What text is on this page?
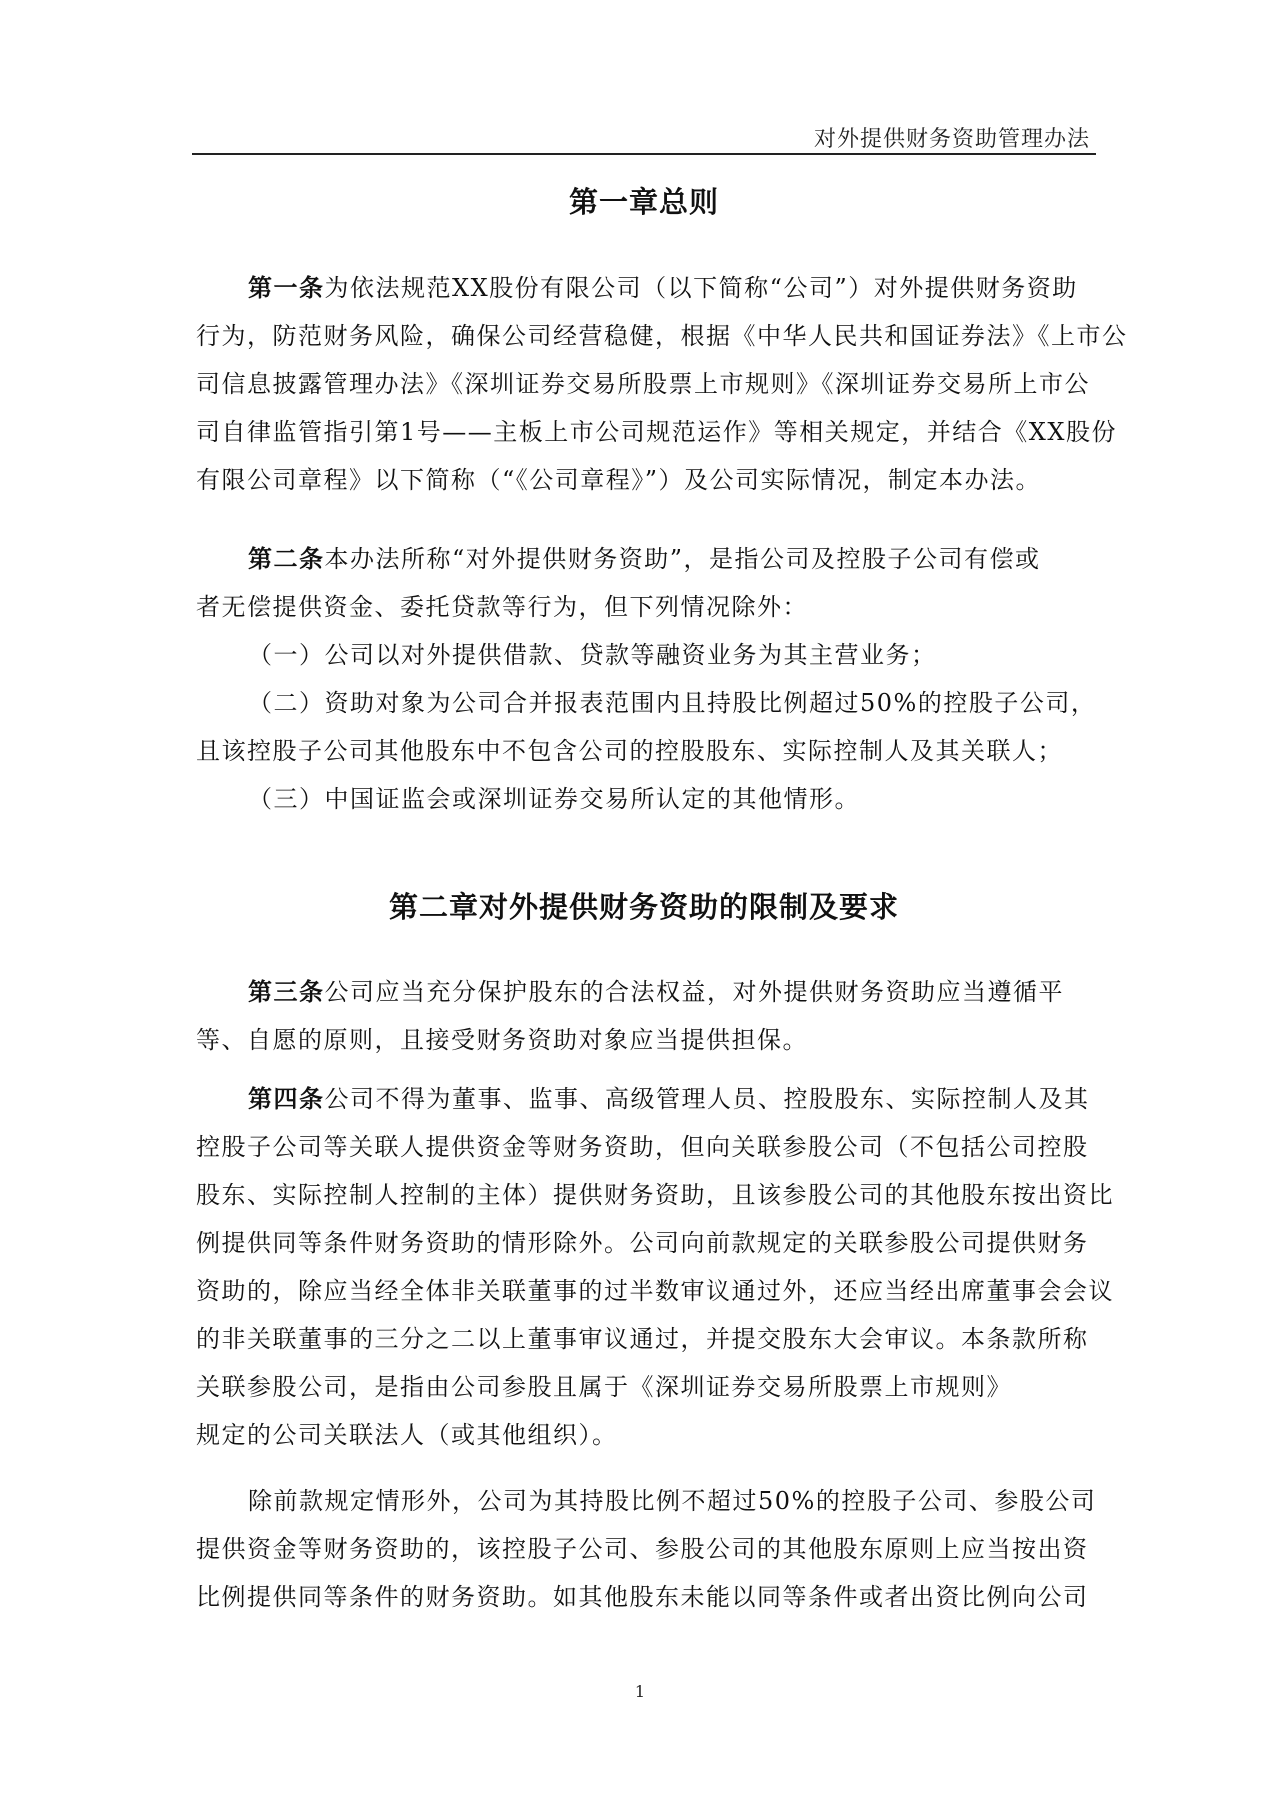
对外提供财务资助管理办法
第一章总则
第一条为依法规范XX股份有限公司（以下简称“公司”）对外提供财务资助
行为，防范财务风险，确保公司经营稳健，根据《中华人民共和国证券法》《上市公
司信息披露管理办法》《深圳证券交易所股票上市规则》《深圳证券交易所上市公
司自律监管指引第1号——主板上市公司规范运作》等相关规定，并结合《XX股份
有限公司章程》以下简称（“《公司章程》”）及公司实际情况，制定本办法。
第二条本办法所称“对外提供财务资助”，是指公司及控股子公司有偿或
者无偿提供资金、委托贷款等行为，但下列情况除外：
（一）公司以对外提供借款、贷款等融资业务为其主营业务；
（二）资助对象为公司合并报表范围内且持股比例超过50%的控股子公司，
且该控股子公司其他股东中不包含公司的控股股东、实际控制人及其关联人；
（三）中国证监会或深圳证券交易所认定的其他情形。
第二章对外提供财务资助的限制及要求
第三条公司应当充分保护股东的合法权益，对外提供财务资助应当遵循平
等、自愿的原则，且接受财务资助对象应当提供担保。
第四条公司不得为董事、监事、高级管理人员、控股股东、实际控制人及其
控股子公司等关联人提供资金等财务资助，但向关联参股公司（不包括公司控股
股东、实际控制人控制的主体）提供财务资助，且该参股公司的其他股东按出资比
例提供同等条件财务资助的情形除外。公司向前款规定的关联参股公司提供财务
资助的，除应当经全体非关联董事的过半数审议通过外，还应当经出席董事会会议
的非关联董事的三分之二以上董事审议通过，并提交股东大会审议。本条款所称
关联参股公司，是指由公司参股且属于《深圳证券交易所股票上市规则》
规定的公司关联法人（或其他组织）。
除前款规定情形外，公司为其持股比例不超过50%的控股子公司、参股公司
提供资金等财务资助的，该控股子公司、参股公司的其他股东原则上应当按出资
比例提供同等条件的财务资助。如其他股东未能以同等条件或者出资比例向公司
1
